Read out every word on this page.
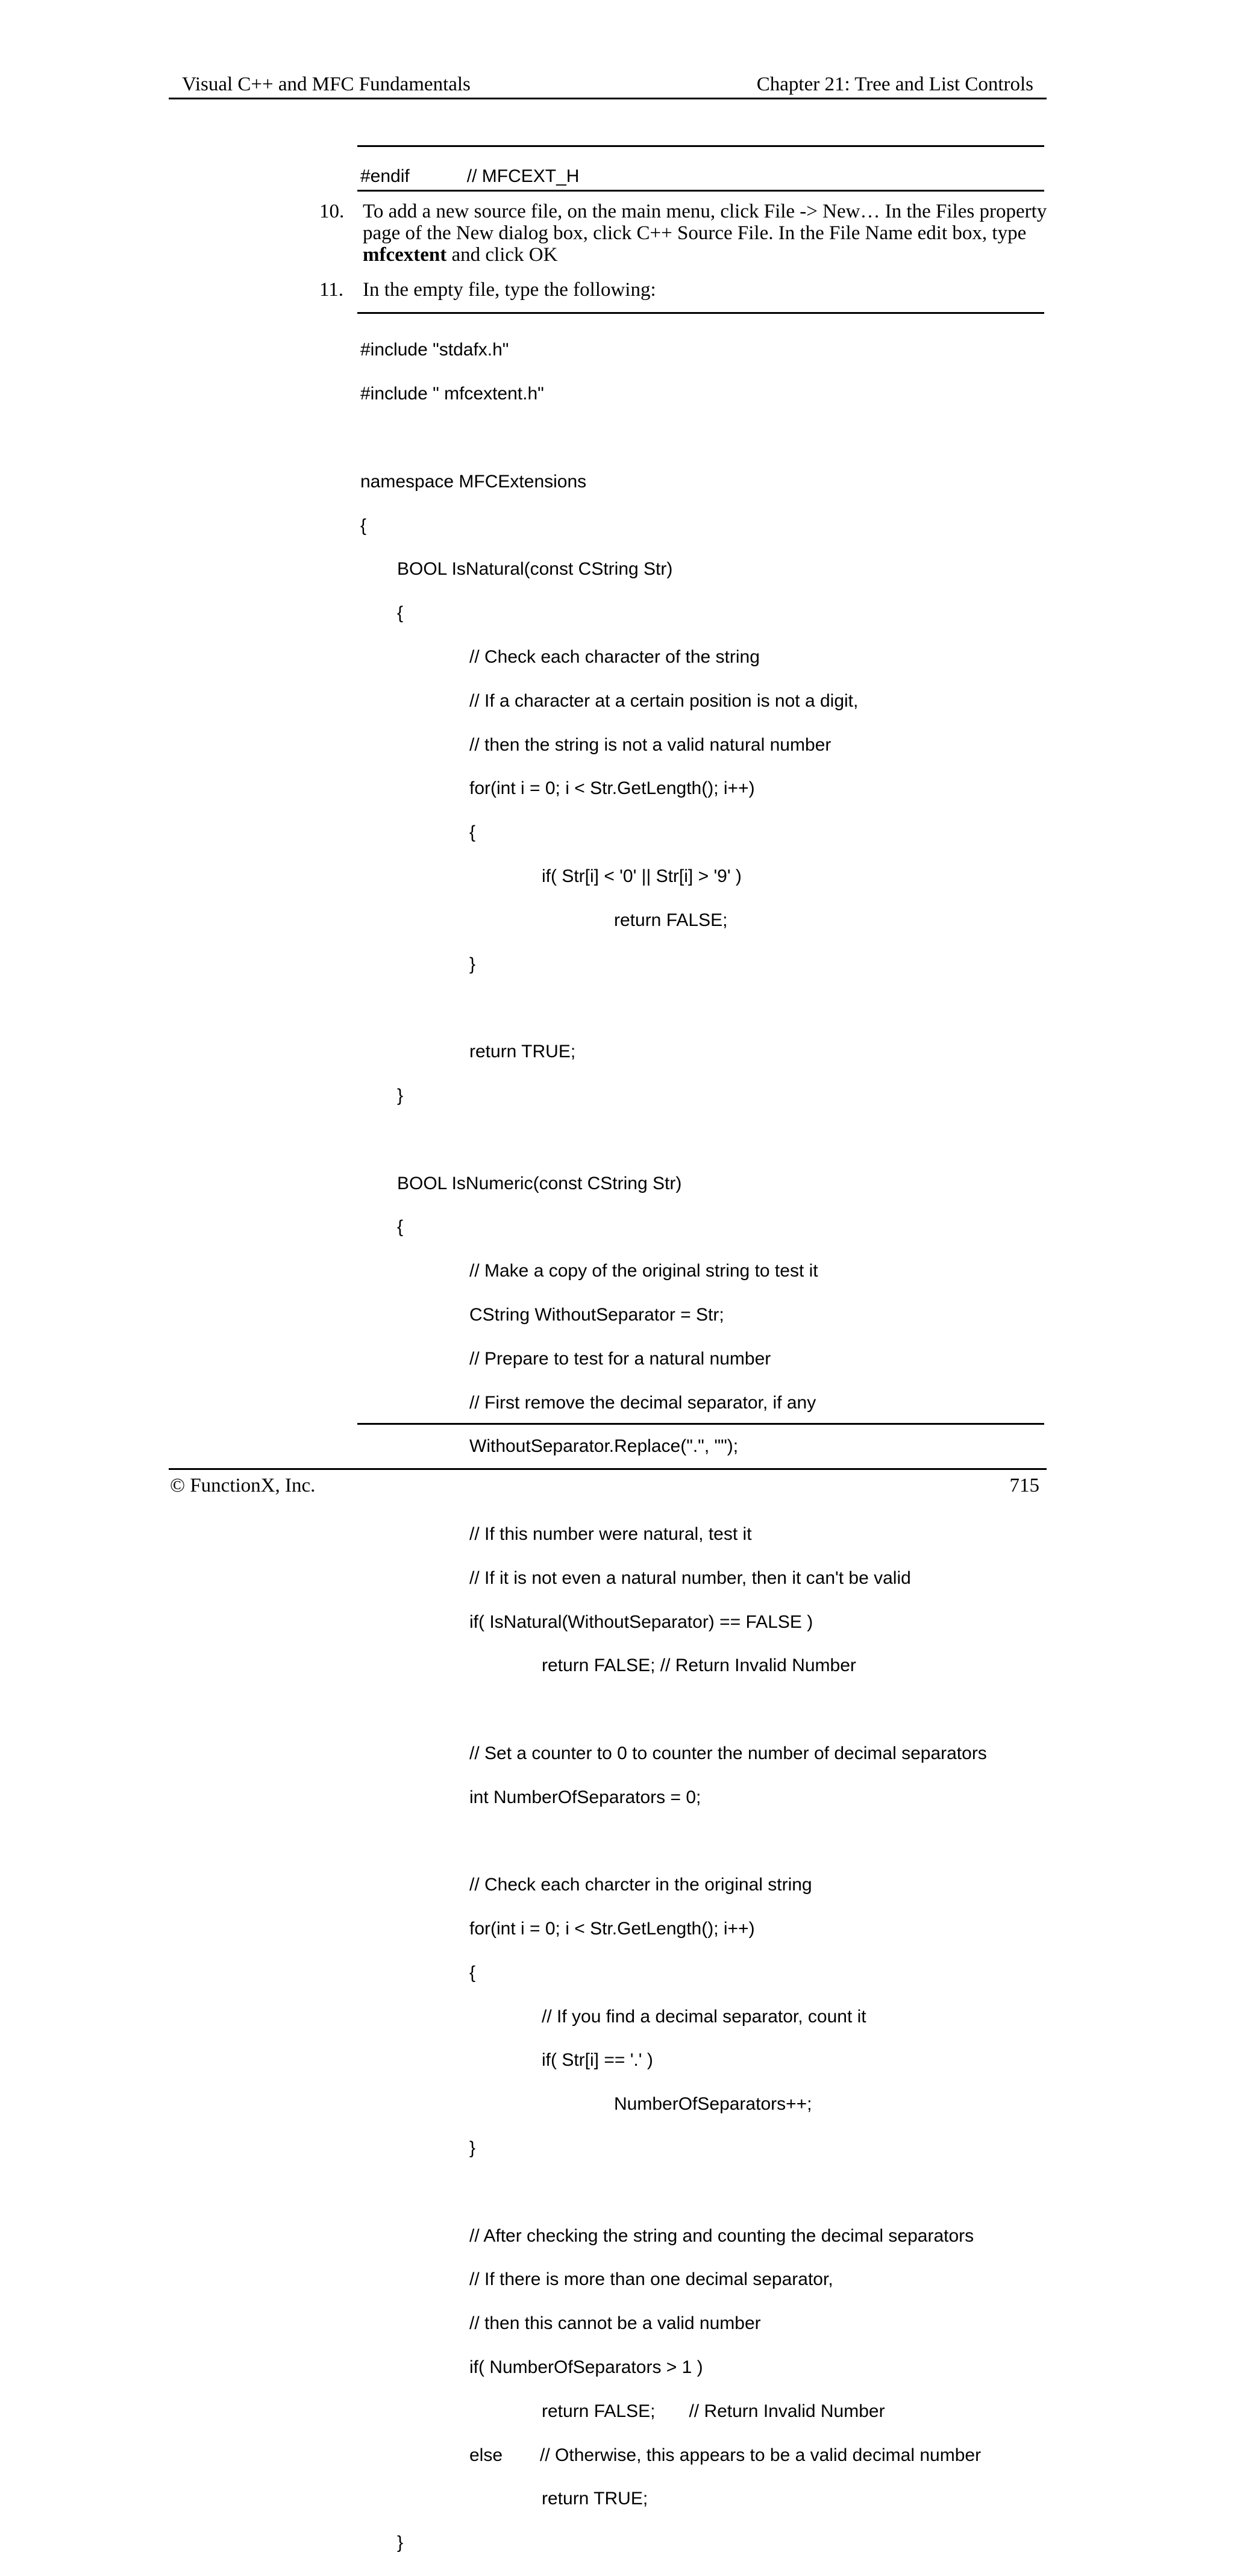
Visual C++ and MFC Fundamentals	Chapter 21: Tree and List Controls
#endif	// MFCEXT_H
10. To add a new source file, on the main menu, click File -> New… In the Files property page of the New dialog box, click C++ Source File. In the File Name edit box, type mfcextent and click OK
11. In the empty file, type the following:

#include "stdafx.h"

#include " mfcextent.h"

namespace MFCExtensions

{

BOOL IsNatural(const CString Str)

{

// Check each character of the string

// If a character at a certain position is not a digit,

// then the string is not a valid natural number

for(int i = 0; i < Str.GetLength(); i++)

{

if( Str[i] < '0' || Str[i] > '9' )

return FALSE;

}

return TRUE;

}

BOOL IsNumeric(const CString Str)

{

// Make a copy of the original string to test it

CString WithoutSeparator = Str;

// Prepare to test for a natural number

// First remove the decimal separator, if any

WithoutSeparator.Replace(".", "");

// If this number were natural, test it

// If it is not even a natural number, then it can't be valid

if( IsNatural(WithoutSeparator) == FALSE )

return FALSE; // Return Invalid Number

// Set a counter to 0 to counter the number of decimal separators

int NumberOfSeparators = 0;

// Check each charcter in the original string

for(int i = 0; i < Str.GetLength(); i++)

{

// If you find a decimal separator, count it

if( Str[i] == '.' )

NumberOfSeparators++;

}

// After checking the string and counting the decimal separators

// If there is more than one decimal separator,

// then this cannot be a valid number

if( NumberOfSeparators > 1 )

return FALSE; // Return Invalid Number

else // Otherwise, this appears to be a valid decimal number

return TRUE;

}

© FunctionX, Inc.	715
